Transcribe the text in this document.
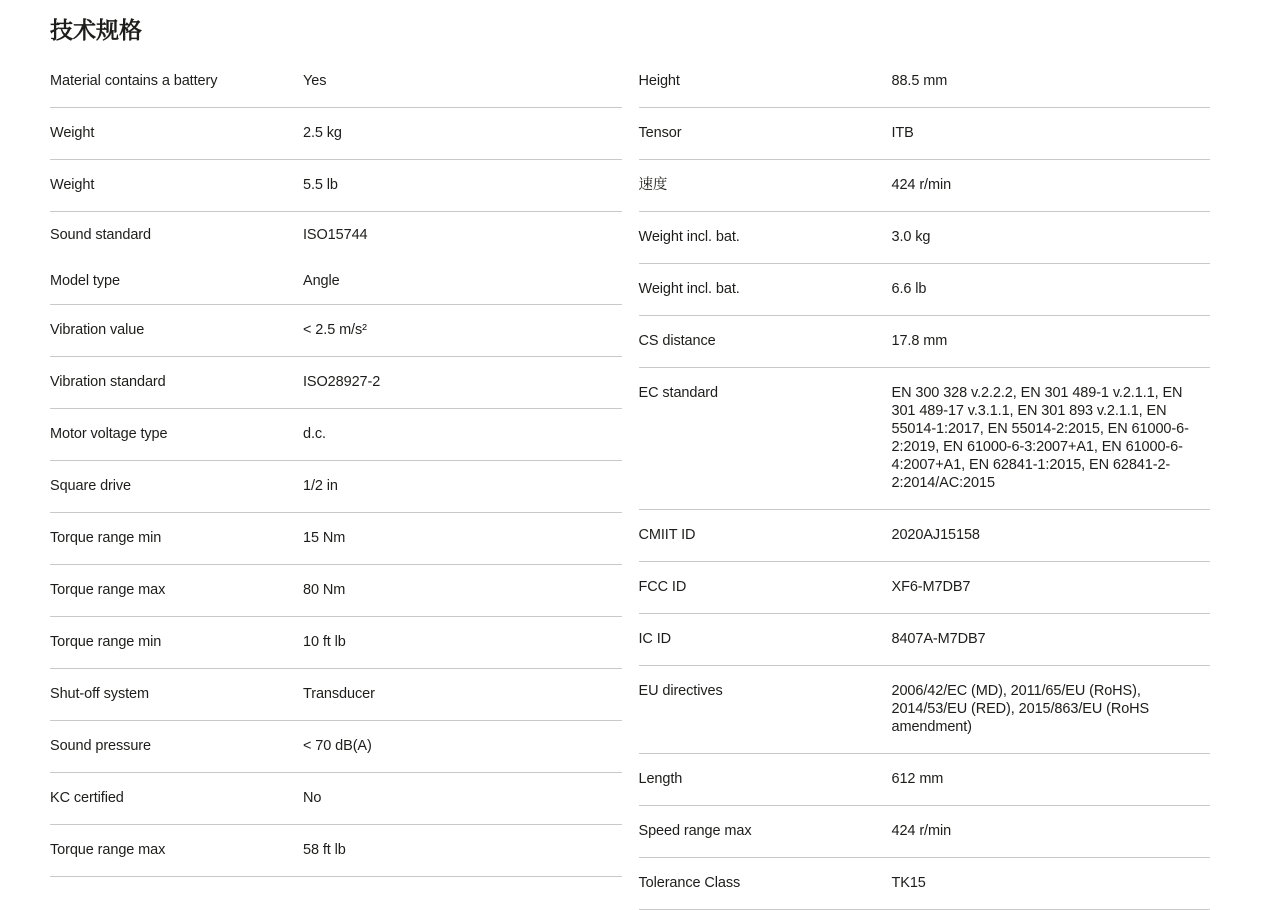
技术规格
Material contains a battery	Yes
Weight	2.5 kg
Weight	5.5 lb
Sound standard	ISO15744
Model type	Angle
Vibration value	< 2.5 m/s²
Vibration standard	ISO28927-2
Motor voltage type	d.c.
Square drive	1/2 in
Torque range min	15 Nm
Torque range max	80 Nm
Torque range min	10 ft lb
Shut-off system	Transducer
Sound pressure	< 70 dB(A)
KC certified	No
Torque range max	58 ft lb
Height	88.5 mm
Tensor	ITB
速度	424 r/min
Weight incl. bat.	3.0 kg
Weight incl. bat.	6.6 lb
CS distance	17.8 mm
EC standard	EN 300 328 v.2.2.2, EN 301 489-1 v.2.1.1, EN 301 489-17 v.3.1.1, EN 301 893 v.2.1.1, EN 55014-1:2017, EN 55014-2:2015, EN 61000-6-2:2019, EN 61000-6-3:2007+A1, EN 61000-6-4:2007+A1, EN 62841-1:2015, EN 62841-2-2:2014/AC:2015
CMIIT ID	2020AJ15158
FCC ID	XF6-M7DB7
IC ID	8407A-M7DB7
EU directives	2006/42/EC (MD), 2011/65/EU (RoHS), 2014/53/EU (RED), 2015/863/EU (RoHS amendment)
Length	612 mm
Speed range max	424 r/min
Tolerance Class	TK15
